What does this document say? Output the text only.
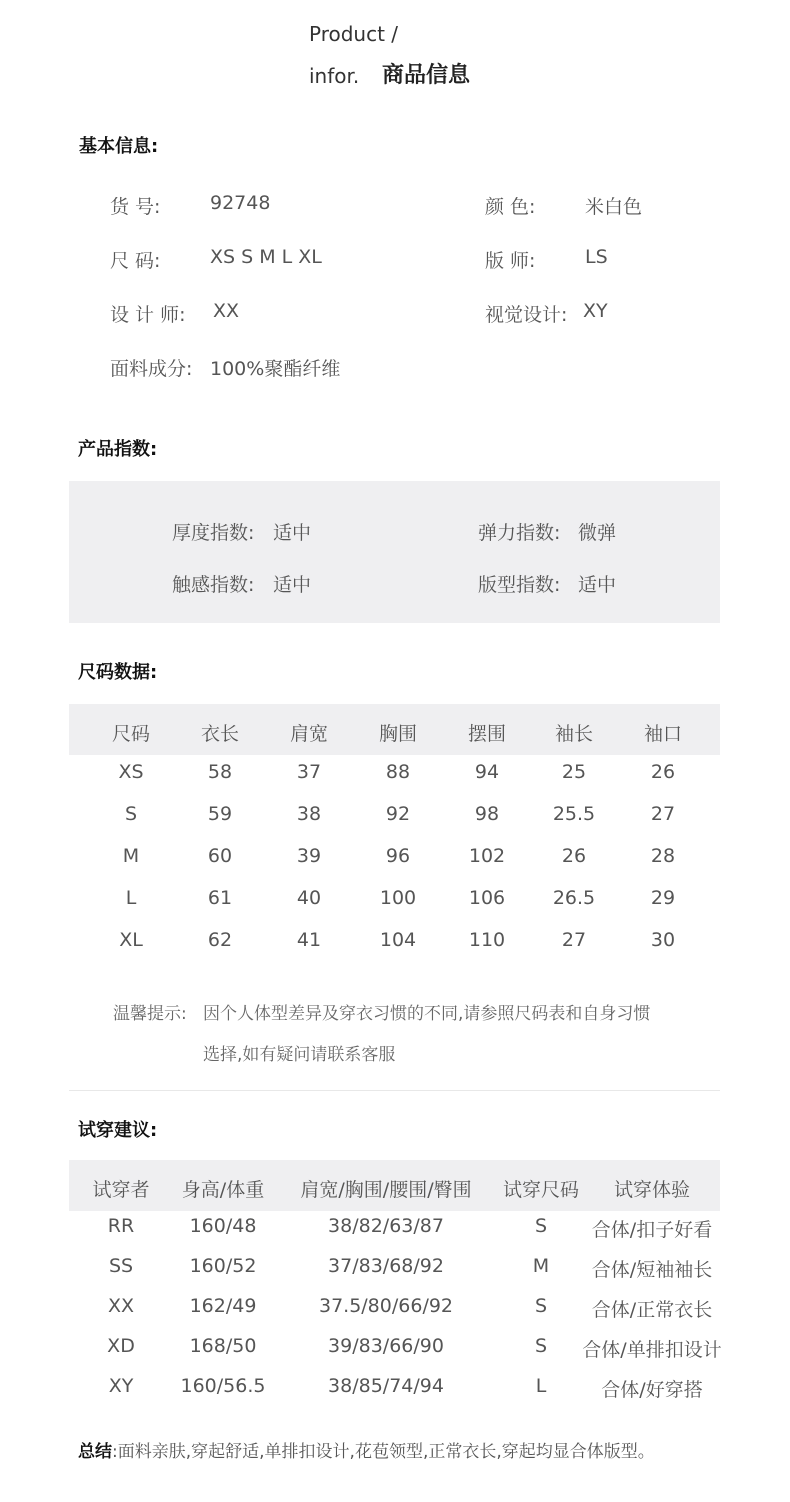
Product /
infor. 商品信息
基本信息:
货 号:	92748	颜 色:	米白色
尺 码:	XS S M L XL	版 师:	LS
设 计 师: XX	视觉设计: XY
面料成分: 100%聚酯纤维
产品指数:
厚度指数: 适中	弹力指数: 微弹
触感指数: 适中	版型指数: 适中
尺码数据:
尺码	衣长	肩宽	胸围	摆围	袖长	袖口
XS	58	37	88	94	25	26
S	59	38	92	98	25.5	27
M	60	39	96	102	26	28
L	61	40	100	106	26.5	29
XL	62	41	104	110	27	30
温馨提示: 因个人体型差异及穿衣习惯的不同,请参照尺码表和自身习惯
选择,如有疑问请联系客服
试穿建议:
试穿者 身高/体重 肩宽/胸围/腰围/臀围 试穿尺码 试穿体验
RR	160/48	38/82/63/87	S 合体/扣子好看
SS	160/52	37/83/68/92	M 合体/短袖袖长
XX	162/49	37.5/80/66/92	S 合体/正常衣长
XD	168/50	39/83/66/90	S 合体/单排扣设计
XY 160/56.5	38/85/74/94	L	合体/好穿搭
总结:面料亲肤,穿起舒适,单排扣设计,花苞领型,正常衣长,穿起均显合体版型。
